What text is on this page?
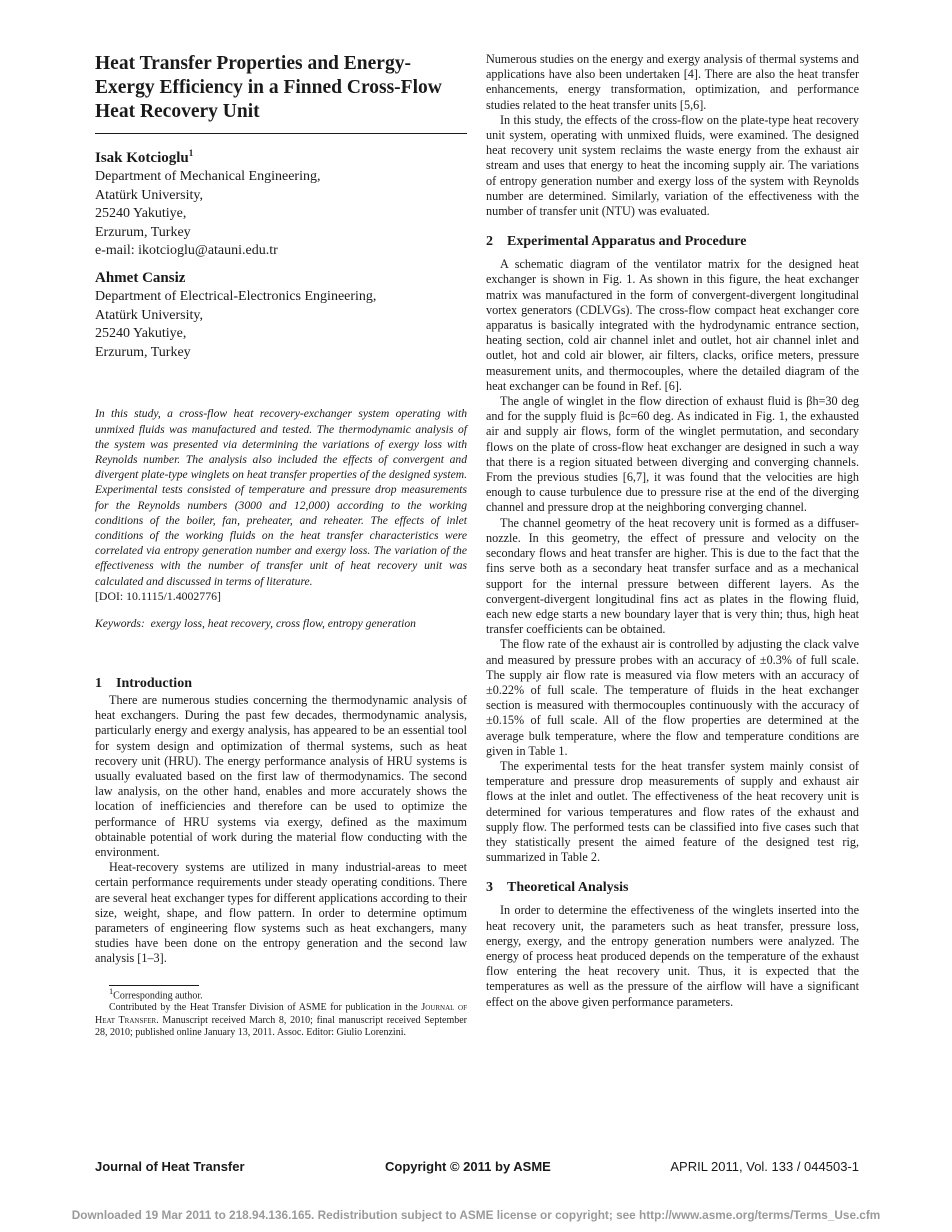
Heat Transfer Properties and Energy-Exergy Efficiency in a Finned Cross-Flow Heat Recovery Unit
Isak Kotcioglu$^1$
Department of Mechanical Engineering,
Atatürk University,
25240 Yakutiye,
Erzurum, Turkey
e-mail: ikotcioglu@atauni.edu.tr
Ahmet Cansiz
Department of Electrical-Electronics Engineering,
Atatürk University,
25240 Yakutiye,
Erzurum, Turkey
In this study, a cross-flow heat recovery-exchanger system operating with unmixed fluids was manufactured and tested. The thermodynamic analysis of the system was presented via determining the variations of exergy loss with Reynolds number. The analysis also included the effects of convergent and divergent plate-type winglets on heat transfer properties of the designed system. Experimental tests consisted of temperature and pressure drop measurements for the Reynolds numbers (3000 and 12,000) according to the working conditions of the boiler, fan, preheater, and reheater. The effects of inlet conditions of the working fluids on the heat transfer characteristics were correlated via entropy generation number and exergy loss. The variation of the effectiveness with the number of transfer unit of heat recovery unit was calculated and discussed in terms of literature.
[DOI: 10.1115/1.4002776]
Keywords: exergy loss, heat recovery, cross flow, entropy generation
1 Introduction

There are numerous studies concerning the thermodynamic analysis of heat exchangers. During the past few decades, thermodynamic analysis, particularly energy and exergy analysis, has appeared to be an essential tool for system design and optimization of thermal systems, such as heat recovery unit (HRU). The energy performance analysis of HRU systems is usually evaluated based on the first law of thermodynamics. The second law analysis, on the other hand, enables and more accurately shows the location of inefficiencies and therefore can be used to optimize the performance of HRU systems via exergy, defined as the maximum obtainable potential of work during the material flow conducting with the environment.

Heat-recovery systems are utilized in many industrial-areas to meet certain performance requirements under steady operating conditions. There are several heat exchanger types for different applications according to their size, weight, shape, and flow pattern. In order to determine optimum parameters of engineering flow systems such as heat exchangers, many studies have been done on the entropy generation and the second law analysis [1–3].

$^1$Corresponding author.
Contributed by the Heat Transfer Division of ASME for publication in the Journal of Heat Transfer. Manuscript received March 8, 2010; final manuscript received September 28, 2010; published online January 13, 2011. Assoc. Editor: Giulio Lorenzini.

Numerous studies on the energy and exergy analysis of thermal systems and applications have also been undertaken [4]. There are also the heat transfer enhancements, energy transformation, optimization, and performance studies related to the heat transfer units [5,6].

In this study, the effects of the cross-flow on the plate-type heat recovery unit system, operating with unmixed fluids, were examined. The designed heat recovery unit system reclaims the waste energy from the exhaust air stream and uses that energy to heat the incoming supply air. The variations of entropy generation number and exergy loss of the system with Reynolds number are determined. Similarly, variation of the effectiveness with the number of transfer unit (NTU) was evaluated.

2 Experimental Apparatus and Procedure

A schematic diagram of the ventilator matrix for the designed heat exchanger is shown in Fig. 1. As shown in this figure, the heat exchanger matrix was manufactured in the form of convergent-divergent longitudinal vortex generators (CDLVGs). The cross-flow compact heat exchanger core apparatus is basically integrated with the hydrodynamic entrance section, heating section, cold air channel inlet and outlet, hot air channel inlet and outlet, hot and cold air blower, air filters, clacks, orifice meters, pressure measurement units, and thermocouples, where the detailed diagram of the heat exchanger can be found in Ref. [6].

The angle of winglet in the flow direction of exhaust fluid is βh=30 deg and for the supply fluid is βc=60 deg. As indicated in Fig. 1, the exhausted air and supply air flows, form of the winglet permutation, and secondary flows on the plate of cross-flow heat exchanger are designed in such a way that there is a region situated between diverging and converging channels. From the previous studies [6,7], it was found that the velocities are high enough to cause turbulence due to pressure rise at the end of the diverging channel and pressure drop at the neighboring converging channel.

The channel geometry of the heat recovery unit is formed as a diffuser-nozzle. In this geometry, the effect of pressure and velocity on the secondary flows and heat transfer are higher. This is due to the fact that the fins serve both as a secondary heat transfer surface and as a mechanical support for the internal pressure between different layers. As the convergent-divergent longitudinal fins act as plates in the flowing fluid, each new edge starts a new boundary layer that is very thin; thus, high heat transfer coefficients can be obtained.

The flow rate of the exhaust air is controlled by adjusting the clack valve and measured by pressure probes with an accuracy of ±0.3% of full scale. The supply air flow rate is measured via flow meters with an accuracy of ±0.22% of full scale. The temperature of fluids in the heat exchanger section is measured with thermocouples continuously with the accuracy of ±0.15% of full scale. All of the flow properties are determined at the average bulk temperature, where the flow and temperature conditions are given in Table 1.

The experimental tests for the heat transfer system mainly consist of temperature and pressure drop measurements of supply and exhaust air flows at the inlet and outlet. The effectiveness of the heat recovery unit is determined for various temperatures and flow rates of the exhaust and supply flow. The performed tests can be classified into five cases such that they statistically present the aimed feature of the designed test rig, summarized in Table 2.

3 Theoretical Analysis

In order to determine the effectiveness of the winglets inserted into the heat recovery unit, the parameters such as heat transfer, pressure loss, energy, exergy, and the entropy generation numbers were analyzed. The energy of process heat produced depends on the temperature of the exhaust flow entering the heat recovery unit. Thus, it is expected that the temperatures as well as the pressure of the airflow will have a significant effect on the above given performance parameters.

Journal of Heat Transfer	Copyright © 2011 by ASME	APRIL 2011, Vol. 133 / 044503-1
Downloaded 19 Mar 2011 to 218.94.136.165. Redistribution subject to ASME license or copyright; see http://www.asme.org/terms/Terms_Use.cfm
